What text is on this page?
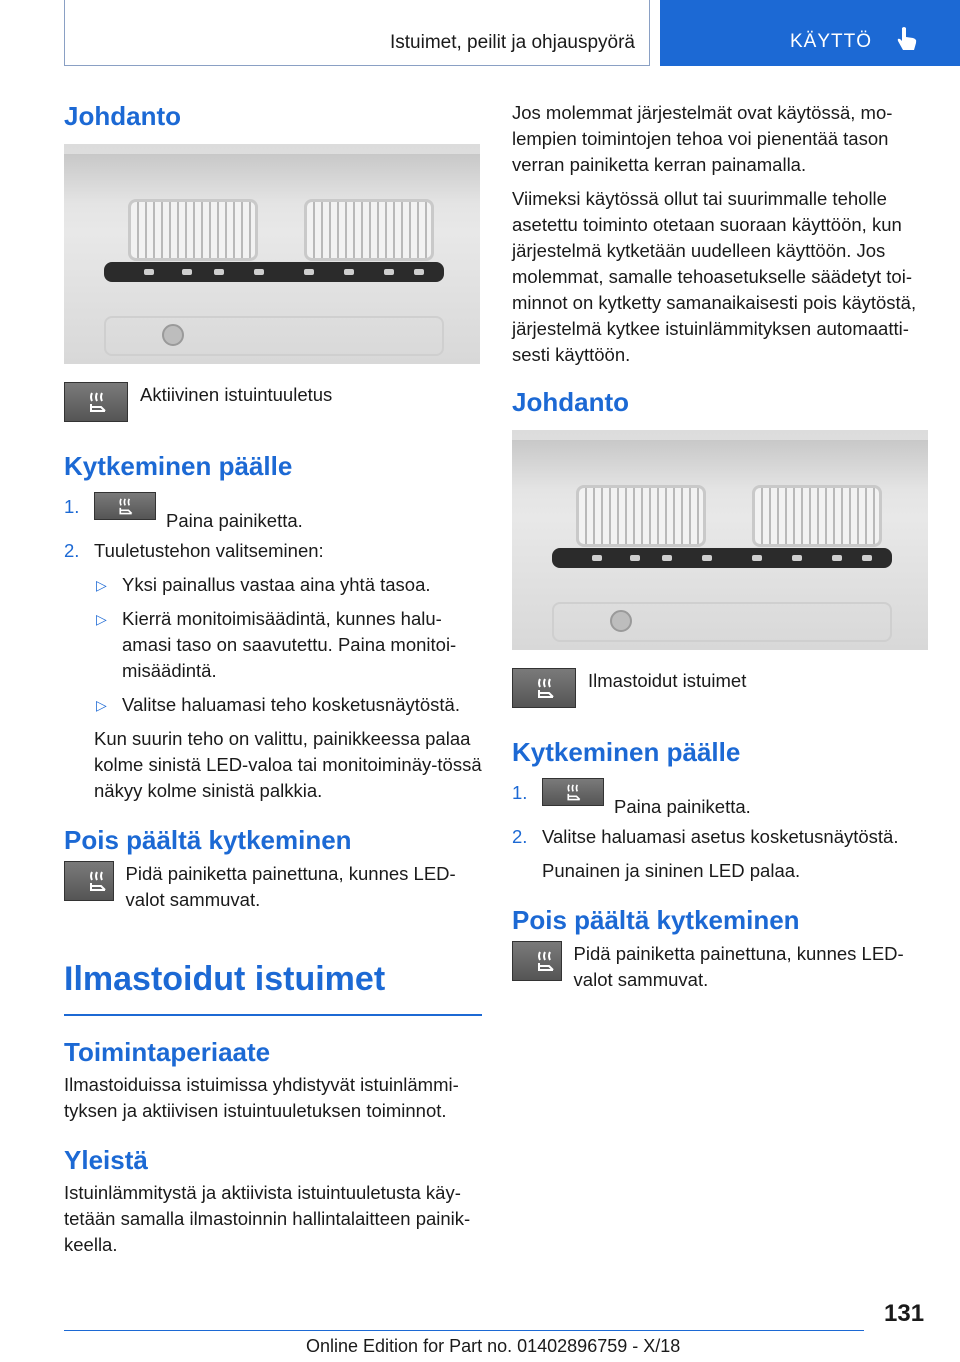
Istuimet, peilit ja ohjauspyörä	KÄYTTÖ
Johdanto

Aktiivinen istuintuuletus

Kytkeminen päälle
1.
Paina painiketta.
2. Tuuletustehon valitseminen:
▷ Yksi painallus vastaa aina yhtä tasoa.
▷ Kierrä monitoimisäädintä, kunnes halu-amasi taso on saavutettu. Paina monitoi-misäädintä.
▷ Valitse haluamasi teho kosketusnäytöstä.

Kun suurin teho on valittu, painikkeessa palaa kolme sinistä LED-valoa tai monitoiminäy-tössä näkyy kolme sinistä palkkia.

Pois päältä kytkeminen

Pidä painiketta painettuna, kunnes LED-valot sammuvat.

Ilmastoidut istuimet
Toimintaperiaate

Ilmastoiduissa istuimissa yhdistyvät istuinlämmi-tyksen ja aktiivisen istuintuuletuksen toiminnot.

Yleistä

Istuinlämmitystä ja aktiivista istuintuuletusta käy-tetään samalla ilmastoinnin hallintalaitteen painik-keella.

Jos molemmat järjestelmät ovat käytössä, mo-lempien toimintojen tehoa voi pienentää tason verran painiketta kerran painamalla.

Viimeksi käytössä ollut tai suurimmalle teholle asetettu toiminto otetaan suoraan käyttöön, kun järjestelmä kytketään uudelleen käyttöön. Jos molemmat, samalle tehoasetukselle säädetyt toi-minnot on kytketty samanaikaisesti pois käytöstä, järjestelmä kytkee istuinlämmityksen automaatti-sesti käyttöön.

Johdanto

Ilmastoidut istuimet

Kytkeminen päälle
1.
Paina painiketta.
2. Valitse haluamasi asetus kosketusnäytöstä.

Punainen ja sininen LED palaa.

Pois päältä kytkeminen

Pidä painiketta painettuna, kunnes LED-valot sammuvat.

131
Online Edition for Part no. 01402896759 - X/18
